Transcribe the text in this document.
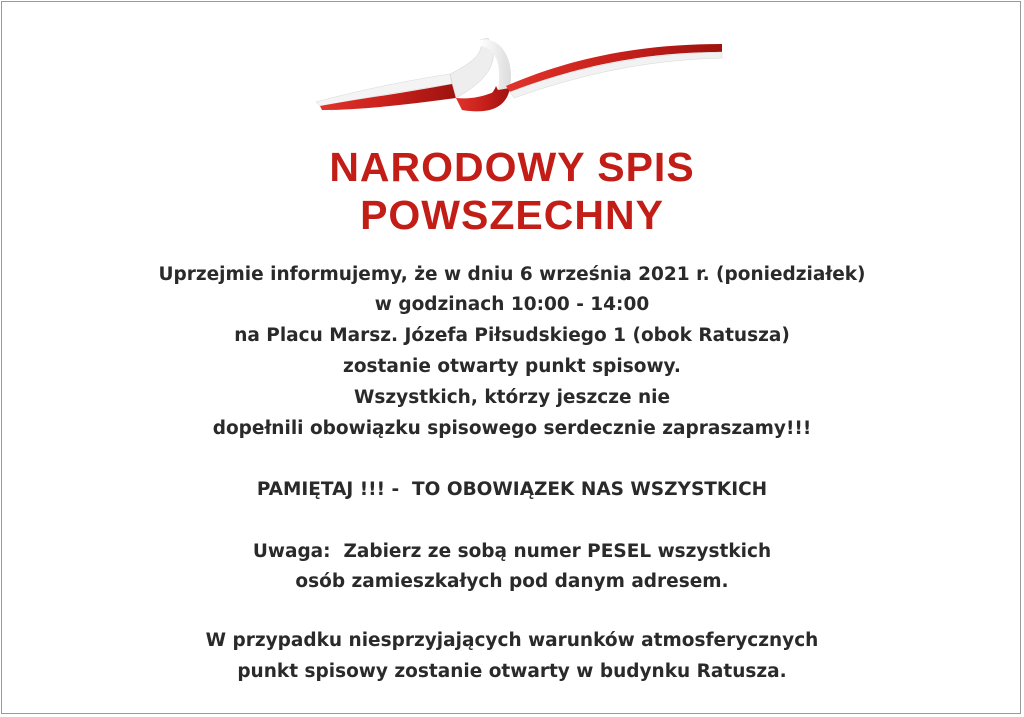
NARODOWY SPIS
POWSZECHNY
Uprzejmie informujemy, że w dniu 6 września 2021 r. (poniedziałek)
w godzinach 10:00 - 14:00
na Placu Marsz. Józefa Piłsudskiego 1 (obok Ratusza)
zostanie otwarty punkt spisowy.
Wszystkich, którzy jeszcze nie
dopełnili obowiązku spisowego serdecznie zapraszamy!!!
PAMIĘTAJ !!! -  TO OBOWIĄZEK NAS WSZYSTKICH
Uwaga:  Zabierz ze sobą numer PESEL wszystkich
osób zamieszkałych pod danym adresem.
W przypadku niesprzyjających warunków atmosferycznych
punkt spisowy zostanie otwarty w budynku Ratusza.
